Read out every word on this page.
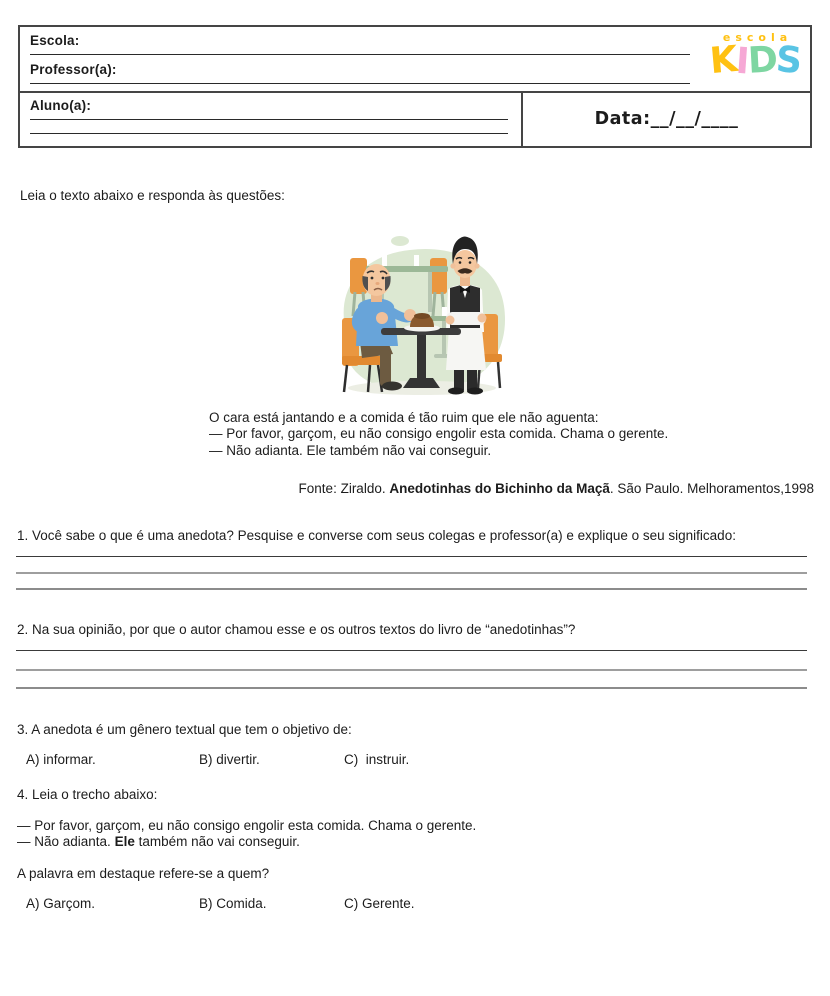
Escola:
Professor(a):
escola
KIDS
Aluno(a):
Data:__/__/____
Leia o texto abaixo e responda às questões:
O cara está jantando e a comida é tão ruim que ele não aguenta:
— Por favor, garçom, eu não consigo engolir esta comida. Chama o gerente.
— Não adianta. Ele também não vai conseguir.
Fonte: Ziraldo. Anedotinhas do Bichinho da Maçã. São Paulo. Melhoramentos,1998
1. Você sabe o que é uma anedota? Pesquise e converse com seus colegas e professor(a) e explique o seu significado:
2. Na sua opinião, por que o autor chamou esse e os outros textos do livro de “anedotinhas”?
3. A anedota é um gênero textual que tem o objetivo de:
A) informar.	B) divertir.	C)  instruir.
4. Leia o trecho abaixo:
— Por favor, garçom, eu não consigo engolir esta comida. Chama o gerente.
— Não adianta. Ele também não vai conseguir.
A palavra em destaque refere-se a quem?
A) Garçom.	B) Comida.	C) Gerente.
